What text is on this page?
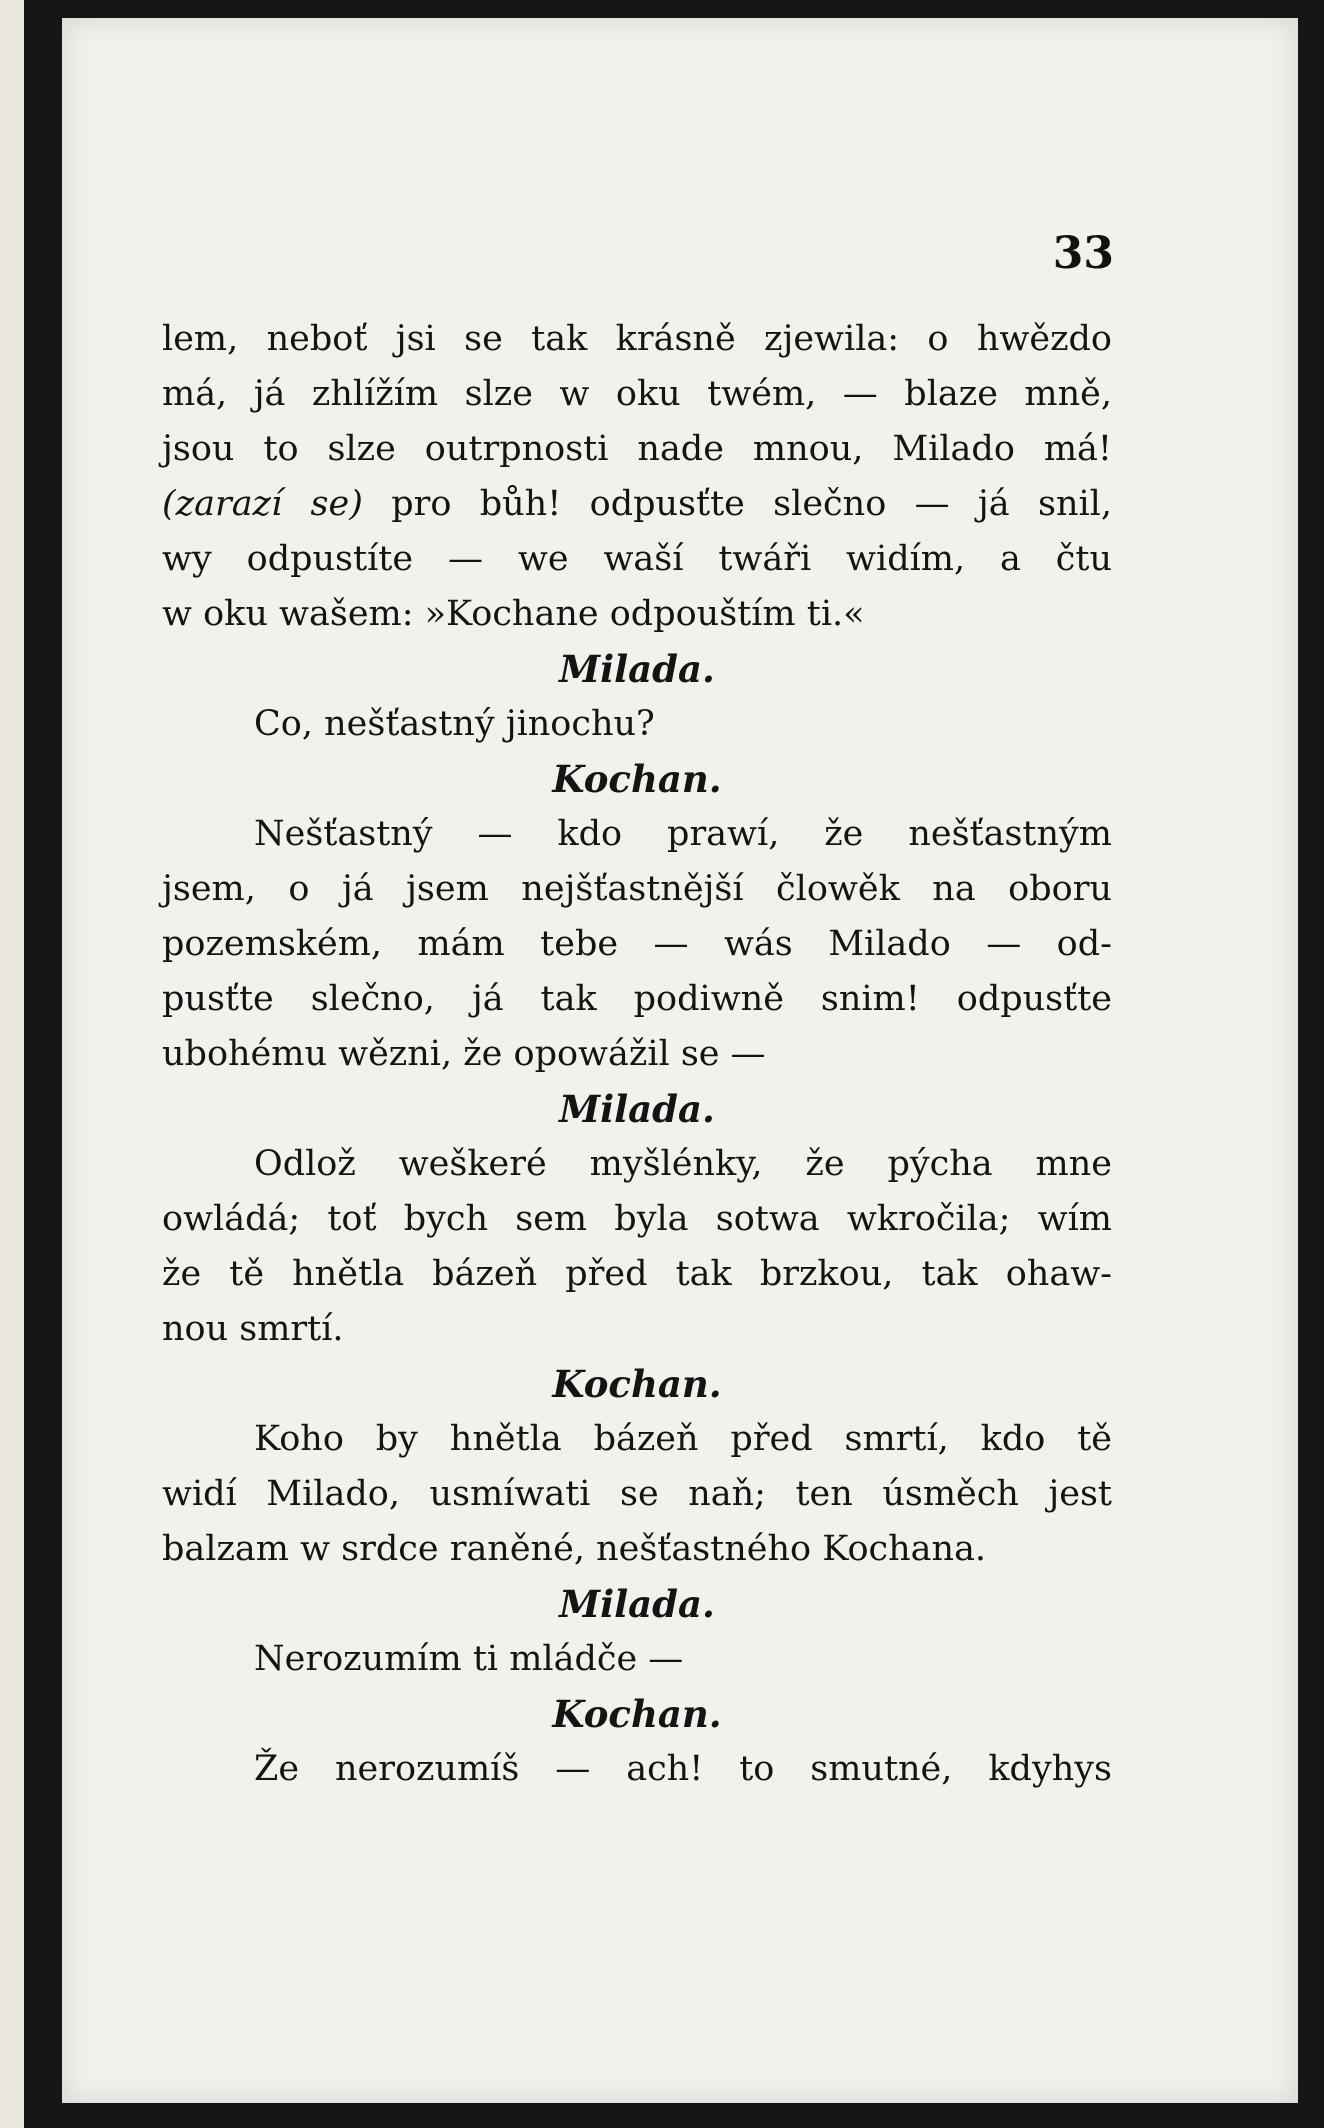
33
lem, neboť jsi se tak krásně zjewila: o hwězdo
má, já zhlížím slze w oku twém, — blaze mně,
jsou to slze outrpnosti nade mnou, Milado má!
(zarazí se) pro bůh! odpusťte slečno — já snil,
wy odpustíte — we waší twáři widím, a čtu
w oku wašem: »Kochane odpouštím ti.«
Milada.
Co, nešťastný jinochu?
Kochan.
Nešťastný — kdo prawí, že nešťastným
jsem, o já jsem nejšťastnější člowěk na oboru
pozemském, mám tebe — wás Milado — od-
pusťte slečno, já tak podiwně snim! odpusťte
ubohému wězni, že opowážil se —
Milada.
Odlož weškeré myšlénky, že pýcha mne
owládá; toť bych sem byla sotwa wkročila; wím
že tě hnětla bázeň před tak brzkou, tak ohaw-
nou smrtí.
Kochan.
Koho by hnětla bázeň před smrtí, kdo tě
widí Milado, usmíwati se naň; ten úsměch jest
balzam w srdce raněné, nešťastného Kochana.
Milada.
Nerozumím ti mládče —
Kochan.
Že nerozumíš — ach! to smutné, kdyhys
